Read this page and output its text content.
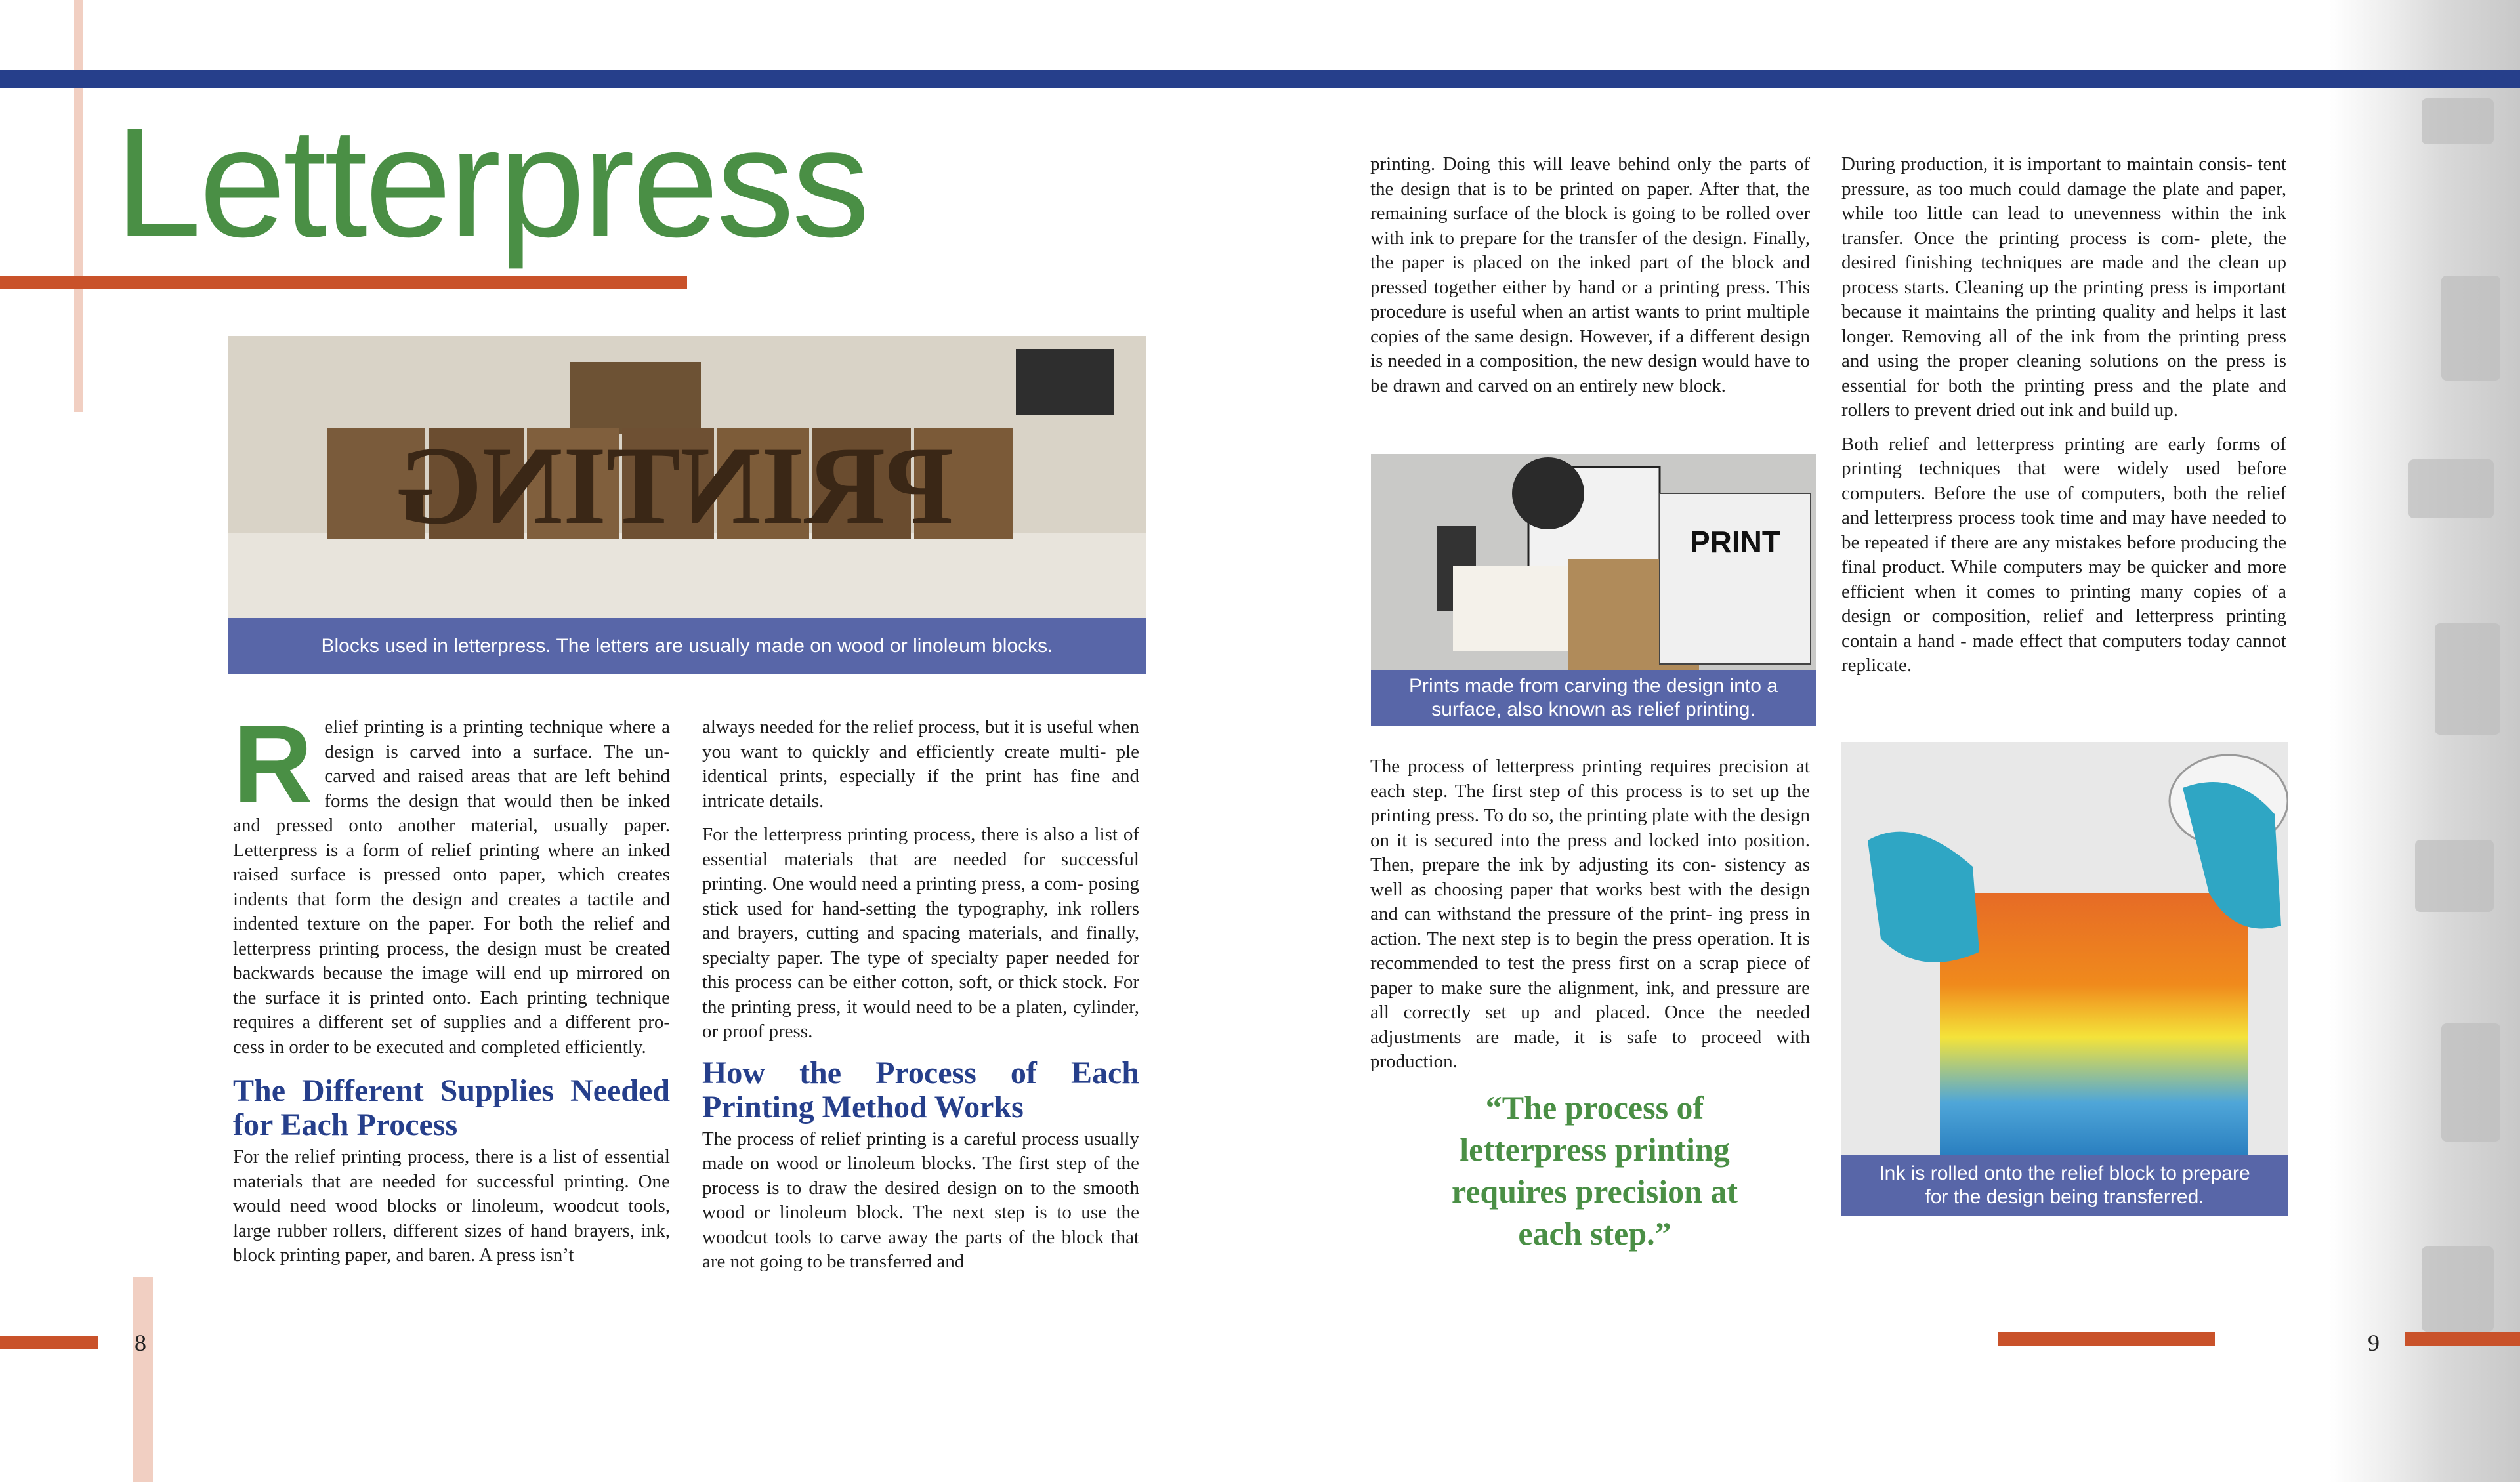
Letterpress
PRINTING
Blocks used in letterpress. The letters are usually made on wood or linoleum blocks.

Relief printing is a printing technique where a design is carved into a surface. The un- carved and raised areas that are left behind forms the design that would then be inked and pressed onto another material, usually paper. Letterpress is a form of relief printing where an inked raised surface is pressed onto paper, which creates indents that form the design and creates a tactile and indented texture on the paper. For both the relief and letterpress printing process, the design must be created backwards because the image will end up mirrored on the surface it is printed onto. Each printing technique requires a different set of supplies and a different pro- cess in order to be executed and completed efficiently.

The Different Supplies Needed for Each Process

For the relief printing process, there is a list of essential materials that are needed for successful printing. One would need wood blocks or linoleum, woodcut tools, large rubber rollers, different sizes of hand brayers, ink, block printing paper, and baren. A press isn’t

always needed for the relief process, but it is useful when you want to quickly and efficiently create multi- ple identical prints, especially if the print has fine and intricate details.

For the letterpress printing process, there is also a list of essential materials that are needed for successful printing. One would need a printing press, a com- posing stick used for hand-setting the typography, ink rollers and brayers, cutting and spacing materials, and finally, specialty paper. The type of specialty paper needed for this process can be either cotton, soft, or thick stock. For the printing press, it would need to be a platen, cylinder, or proof press.

How the Process of Each Printing Method Works

The process of relief printing is a careful process usually made on wood or linoleum blocks. The first step of the process is to draw the desired design on to the smooth wood or linoleum block. The next step is to use the woodcut tools to carve away the parts of the block that are not going to be transferred and

printing. Doing this will leave behind only the parts of the design that is to be printed on paper. After that, the remaining surface of the block is going to be rolled over with ink to prepare for the transfer of the design. Finally, the paper is placed on the inked part of the block and pressed together either by hand or a printing press. This procedure is useful when an artist wants to print multiple copies of the same design. However, if a different design is needed in a composition, the new design would have to be drawn and carved on an entirely new block.

PRINT
Prints made from carving the design into a
surface, also known as relief printing.

The process of letterpress printing requires precision at each step. The first step of this process is to set up the printing press. To do so, the printing plate with the design on it is secured into the press and locked into position. Then, prepare the ink by adjusting its con- sistency as well as choosing paper that works best with the design and can withstand the pressure of the print- ing press in action. The next step is to begin the press operation. It is recommended to test the press first on a scrap piece of paper to make sure the alignment, ink, and pressure are all correctly set up and placed. Once the needed adjustments are made, it is safe to proceed with production.

“The process of
letterpress printing
requires precision at
each step.”

During production, it is important to maintain consis- tent pressure, as too much could damage the plate and paper, while too little can lead to unevenness within the ink transfer. Once the printing process is com- plete, the desired finishing techniques are made and the clean up process starts. Cleaning up the printing press is important because it maintains the printing quality and helps it last longer. Removing all of the ink from the printing press and using the proper cleaning solutions on the press is essential for both the printing press and the plate and rollers to prevent dried out ink and build up.

Both relief and letterpress printing are early forms of printing techniques that were widely used before computers. Before the use of computers, both the relief and letterpress process took time and may have needed to be repeated if there are any mistakes before producing the final product. While computers may be quicker and more efficient when it comes to printing many copies of a design or composition, relief and letterpress printing contain a hand - made effect that computers today cannot replicate.

Ink is rolled onto the relief block to prepare
for the design being transferred.
8	9
